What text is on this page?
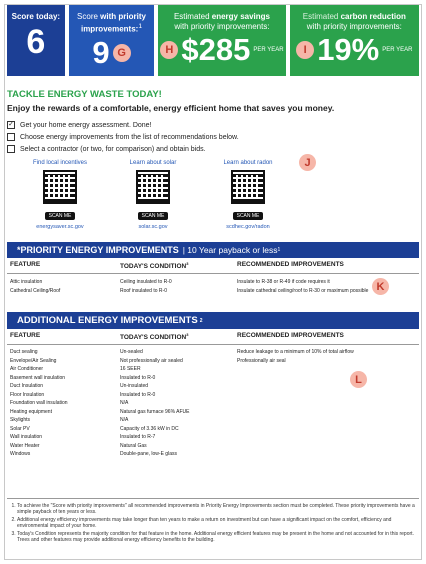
Score today:
6
Score with priority improvements:$^1$
9 G
Estimated energy savings
with priority improvements:
H $285 PER YEAR
Estimated carbon reduction
with priority improvements:
I 19% PER YEAR
TACKLE ENERGY WASTE TODAY!
Enjoy the rewards of a comfortable, energy efficient home that saves you money.
✓ Get your home energy assessment. Done!
Choose energy improvements from the list of recommendations below.
Select a contractor (or two, for comparison) and obtain bids.
Find local incentives
SCAN ME
energysaver.sc.gov
Learn about solar
SCAN ME
solar.sc.gov
Learn about radon
SCAN ME
scdhec.gov/radon
J
*PRIORITY ENERGY IMPROVEMENTS | 10 Year payback or less 1
FEATURE	TODAY'S CONDITION$^3$	RECOMMENDED IMPROVEMENTS
Attic insulation	Ceiling insulated to R-0	Insulate to R-38 or R-49 if code requires it
Cathedral Ceiling/Roof	Roof insulated to R-0	Insulate cathedral ceiling/roof to R-30 or maximum possible K
ADDITIONAL ENERGY IMPROVEMENTS 2
FEATURE	TODAY'S CONDITION$^3$	RECOMMENDED IMPROVEMENTS
Duct sealing	Un-sealed	Reduce leakage to a minimum of 10% of total airflow
Envelope/Air Sealing	Not professionally air sealed	Professionally air seal
Air Conditioner	16 SEER
Basement wall insulation	Insulated to R-0
Duct Insulation	Un-insulated
Floor Insulation	Insulated to R-0
Foundation wall insulation	N/A
Heating equipment	Natural gas furnace 96% AFUE
Skylights	N/A
Solar PV	Capacity of 3.36 kW in DC
Wall insulation	Insulated to R-7
Water Heater	Natural Gas
Windows	Double-pane, low-E glass
L
1. To achieve the "Score with priority improvements" all recommended improvements in Priority Energy Improvements section must be completed. These priority improvements have a simple payback of ten years or less.
2. Additional energy efficiency improvements may take longer than ten years to make a return on investment but can have a significant impact on the comfort, efficiency and environmental impact of your home.
3. Today's Condition represents the majority condition for that feature in the home. Additional energy efficient features may be present in the home and not accounted for in this report. Trees and other features may provide additional energy efficiency benefits to the building.
